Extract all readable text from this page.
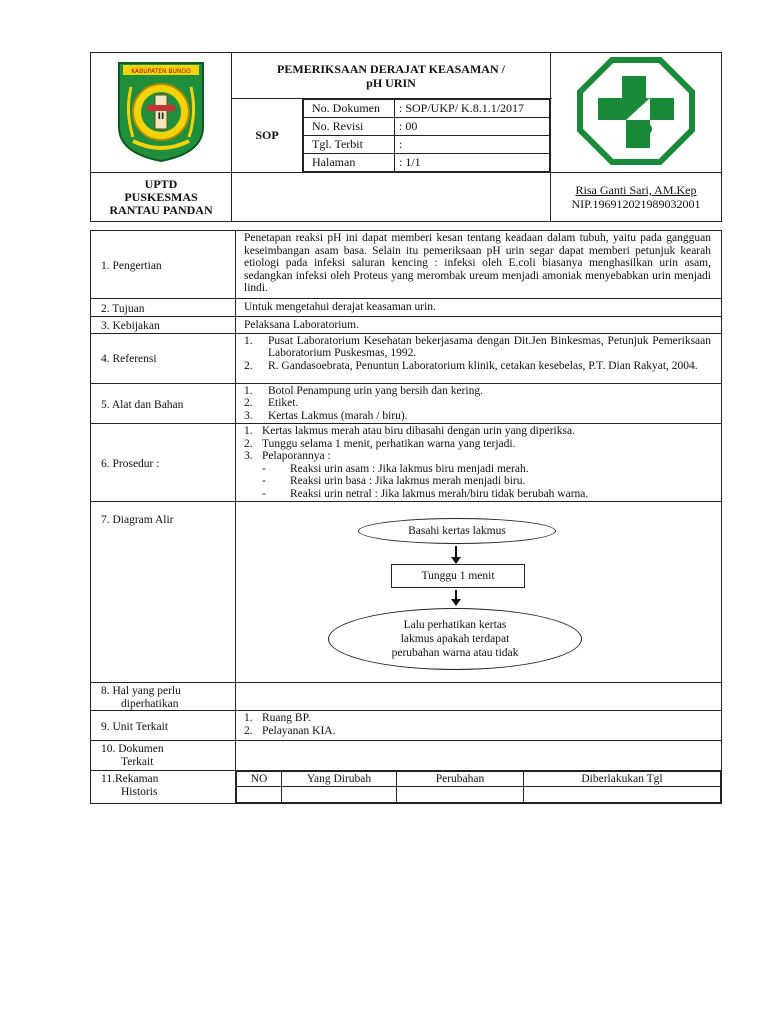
KABUPATEN BUNGO
II

PEMERIKSAAN DERAJAT KEASAMAN /
pH URIN

SOP	
No. Dokumen	: SOP/UKP/ K.8.1.1/2017
No. Revisi	: 00
Tgl. Terbit	:
Halaman	: 1/1

UPTD
PUSKESMAS
RANTAU PANDAN

Risa Ganti Sari, AM.Kep
NIP.196912021989032001
1. Pengertian	Penetapan reaksi pH ini dapat memberi kesan tentang keadaan dalam tubuh, yaitu pada gangguan keseimbangan asam basa. Selain itu pemeriksaan pH urin segar dapat memberi petunjuk kearah etiologi pada infeksi saluran kencing : infeksi oleh E.coli biasanya menghasilkan urin asam, sedangkan infeksi oleh Proteus yang merombak ureum menjadi amoniak menyebabkan urin menjadi lindi.
2. Tujuan	Untuk mengetahui derajat keasaman urin.
3. Kebijakan	Pelaksana Laboratorium.
4. Referensi	
1.	Pusat Laboratorium Kesehatan bekerjasama dengan Dit.Jen Binkesmas, Petunjuk Pemeriksaan Laboratorium Puskesmas, 1992.
2.	R. Gandasoebrata, Penuntun Laboratorium klinik, cetakan kesebelas, P.T. Dian Rakyat, 2004.

5. Alat dan Bahan	
1.	Botol Penampung urin yang bersih dan kering.
2.	Etiket.
3.	Kertas Lakmus (marah / biru).

6. Prosedur :	
1. Kertas lakmus merah atau biru dibasahi dengan urin yang diperiksa.
2. Tunggu selama 1 menit, perhatikan warna yang terjadi.
3. Pelaporannya :
-	Reaksi urin asam : Jika lakmus biru menjadi merah.
-	Reaksi urin basa : Jika lakmus merah menjadi biru.
-	Reaksi urin netral : Jika lakmus merah/biru tidak berubah warna.

7. Diagram Alir	
Basahi kertas lakmus
Tunggu 1 menit
Lalu perhatikan kertas
lakmus apakah terdapat
perubahan warna atau tidak

8. Hal yang perlu
diperhatikan

9. Unit Terkait	
1. Ruang BP.
2. Pelayanan KIA.

10. Dokumen
Terkait

11.Rekaman
Historis

NO	Yang Dirubah	Perubahan	Diberlakukan Tgl
